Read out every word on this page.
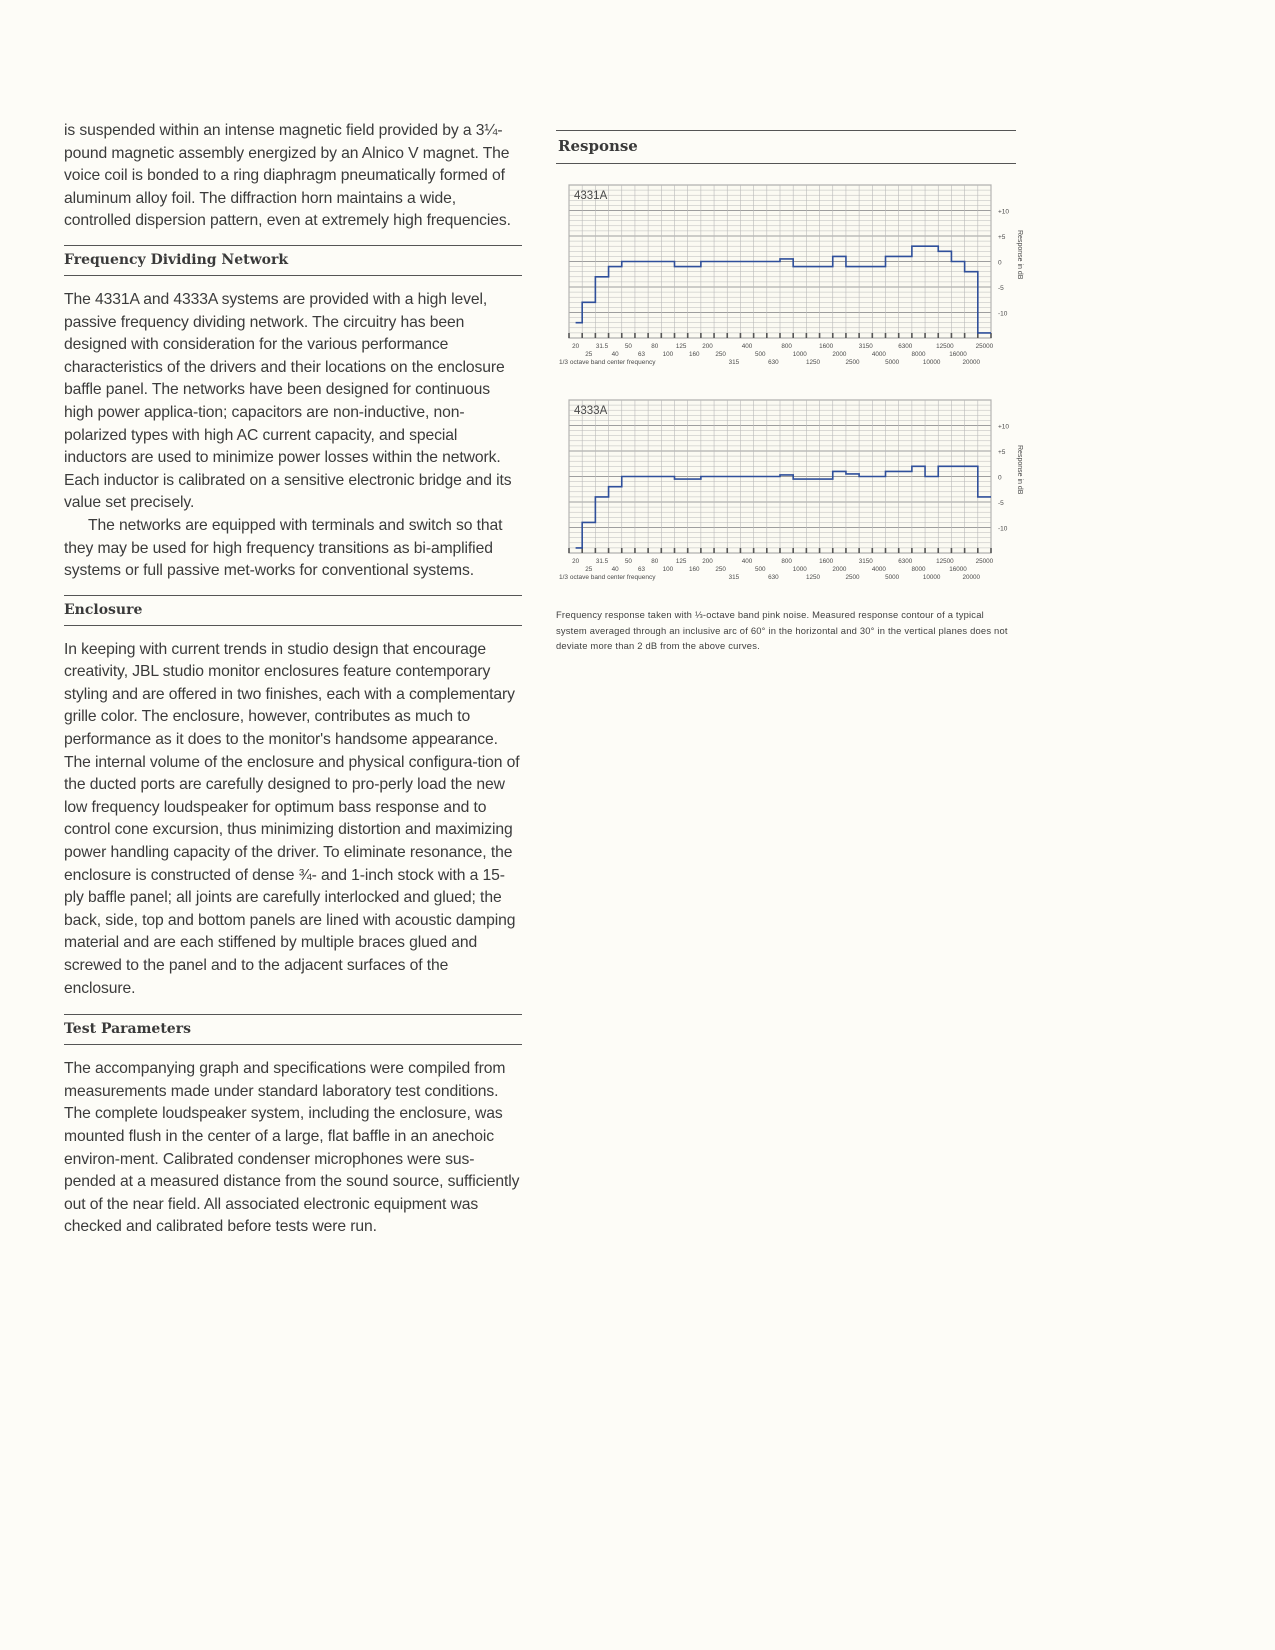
is suspended within an intense magnetic field provided by a 3¼-pound magnetic assembly energized by an Alnico V magnet. The voice coil is bonded to a ring diaphragm pneumatically formed of aluminum alloy foil. The diffraction horn maintains a wide, controlled dispersion pattern, even at extremely high frequencies.

Frequency Dividing Network

The 4331A and 4333A systems are provided with a high level, passive frequency dividing network. The circuitry has been designed with consideration for the various performance characteristics of the drivers and their locations on the enclosure baffle panel. The networks have been designed for continuous high power applica-tion; capacitors are non-inductive, non-polarized types with high AC current capacity, and special inductors are used to minimize power losses within the network. Each inductor is calibrated on a sensitive electronic bridge and its value set precisely.

The networks are equipped with terminals and switch so that they may be used for high frequency transitions as bi-amplified systems or full passive met-works for conventional systems.

Enclosure

In keeping with current trends in studio design that encourage creativity, JBL studio monitor enclosures feature contemporary styling and are offered in two finishes, each with a complementary grille color. The enclosure, however, contributes as much to performance as it does to the monitor's handsome appearance. The internal volume of the enclosure and physical configura-tion of the ducted ports are carefully designed to pro-perly load the new low frequency loudspeaker for optimum bass response and to control cone excursion, thus minimizing distortion and maximizing power handling capacity of the driver. To eliminate resonance, the enclosure is constructed of dense ¾- and 1-inch stock with a 15-ply baffle panel; all joints are carefully interlocked and glued; the back, side, top and bottom panels are lined with acoustic damping material and are each stiffened by multiple braces glued and screwed to the panel and to the adjacent surfaces of the enclosure.

Test Parameters

The accompanying graph and specifications were compiled from measurements made under standard laboratory test conditions. The complete loudspeaker system, including the enclosure, was mounted flush in the center of a large, flat baffle in an anechoic environ-ment. Calibrated condenser microphones were sus-pended at a measured distance from the sound source, sufficiently out of the near field. All associated electronic equipment was checked and calibrated before tests were run.

Response
4331A
+10
+5
0
-5
-10
Response in dB
20	31.5	50	80	125	200	400	800	1600	3150	6300	12500	25000
25	40	63	100	160	250	500	1000	2000	4000	8000	16000
315	630	1250	2500	5000	10000	20000
1/3 octave band center frequency
4333A
+10
+5
0
-5
-10
Response in dB
20	31.5	50	80	125	200	400	800	1600	3150	6300	12500	25000
25	40	63	100	160	250	500	1000	2000	4000	8000	16000
315	630	1250	2500	5000	10000	20000
1/3 octave band center frequency

Frequency response taken with ⅓-octave band pink noise. Measured response contour of a typical system averaged through an inclusive arc of 60° in the horizontal and 30° in the vertical planes does not deviate more than 2 dB from the above curves.
